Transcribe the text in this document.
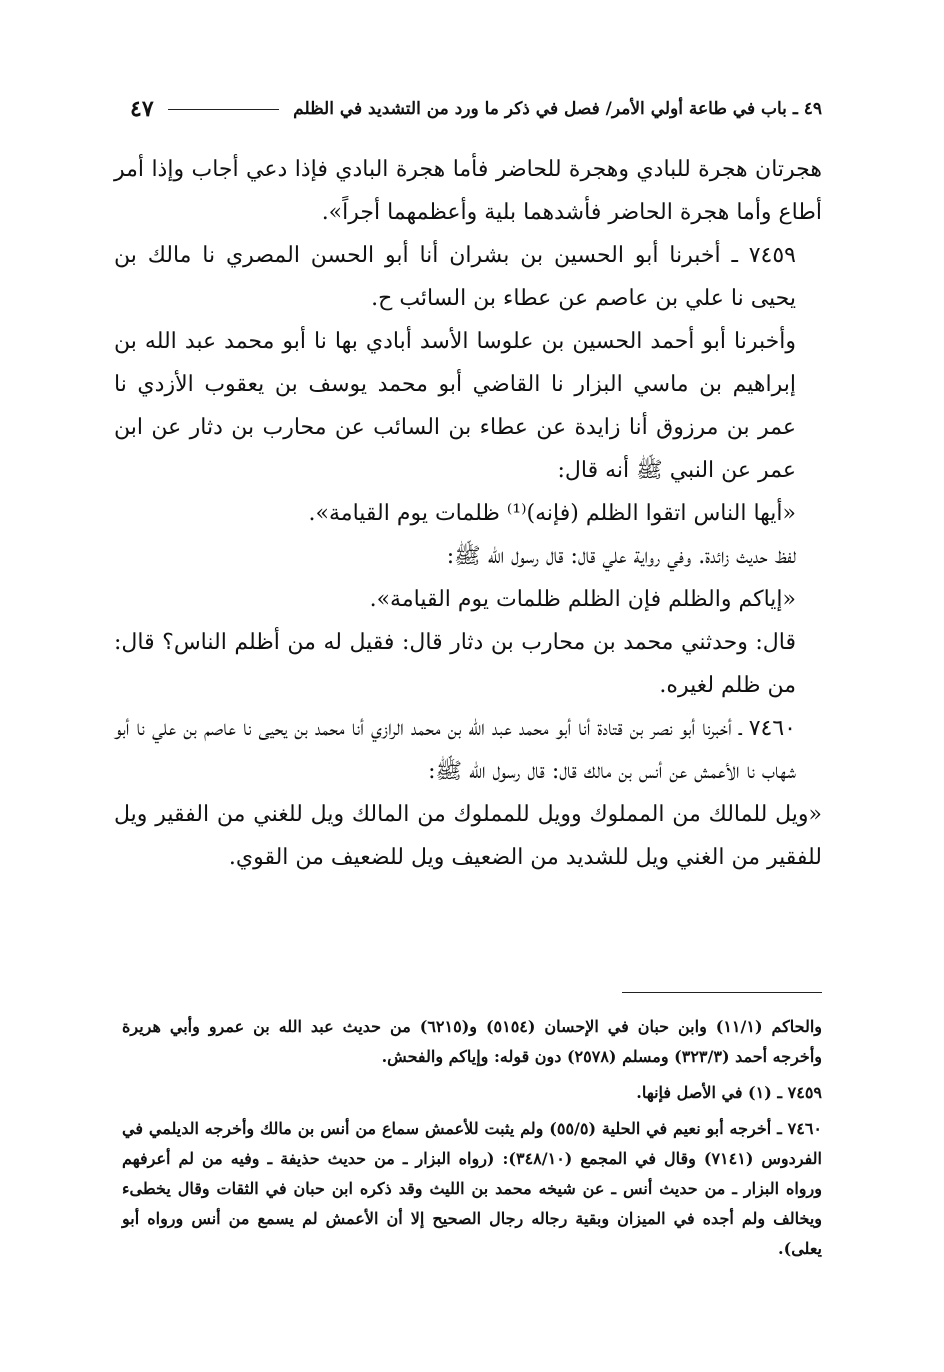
٤٩ ـ باب في طاعة أولي الأمر/ فصل في ذكر ما ورد من التشديد في الظلم
٤٧

هجرتان هجرة للبادي وهجرة للحاضر فأما هجرة البادي فإذا دعي أجاب وإذا أمر أطاع وأما هجرة الحاضر فأشدهما بلية وأعظمهما أجراً».

٧٤٥٩ ـ أخبرنا أبو الحسين بن بشران أنا أبو الحسن المصري نا مالك بن يحيى نا علي بن عاصم عن عطاء بن السائب ح.

وأخبرنا أبو أحمد الحسين بن علوسا الأسد أبادي بها نا أبو محمد عبد الله بن إبراهيم بن ماسي البزار نا القاضي أبو محمد يوسف بن يعقوب الأزدي نا عمر بن مرزوق أنا زايدة عن عطاء بن السائب عن محارب بن دثار عن ابن عمر عن النبي ﷺ أنه قال:

«أيها الناس اتقوا الظلم (فإنه)⁽¹⁾ ظلمات يوم القيامة».

لفظ حديث زائدة. وفي رواية علي قال: قال رسول الله ﷺ:

«إياكم والظلم فإن الظلم ظلمات يوم القيامة».

قال: وحدثني محمد بن محارب بن دثار قال: فقيل له من أظلم الناس؟ قال: من ظلم لغيره.

٧٤٦٠ ـ أخبرنا أبو نصر بن قتادة أنا أبو محمد عبد الله بن محمد الرازي أنا محمد بن يحيى نا عاصم بن علي نا أبو شهاب نا الأعمش عن أنس بن مالك قال: قال رسول الله ﷺ:

«ويل للمالك من المملوك وويل للمملوك من المالك ويل للغني من الفقير ويل للفقير من الغني ويل للشديد من الضعيف ويل للضعيف من القوي.

والحاكم (١١/١) وابن حبان في الإحسان (٥١٥٤) و(٦٢١٥) من حديث عبد الله بن عمرو وأبي هريرة وأخرجه أحمد (٣٢٣/٣) ومسلم (٢٥٧٨) دون قوله: وإياكم والفحش.

٧٤٥٩ ـ (١) في الأصل فإنها.

٧٤٦٠ ـ أخرجه أبو نعيم في الحلية (٥٥/٥) ولم يثبت للأعمش سماع من أنس بن مالك وأخرجه الديلمي في الفردوس (٧١٤١) وقال في المجمع (٣٤٨/١٠): (رواه البزار ـ من حديث حذيفة ـ وفيه من لم أعرفهم ورواه البزار ـ من حديث أنس ـ عن شيخه محمد بن الليث وقد ذكره ابن حبان في الثقات وقال يخطىء ويخالف ولم أجده في الميزان وبقية رجاله رجال الصحيح إلا أن الأعمش لم يسمع من أنس ورواه أبو يعلى).
